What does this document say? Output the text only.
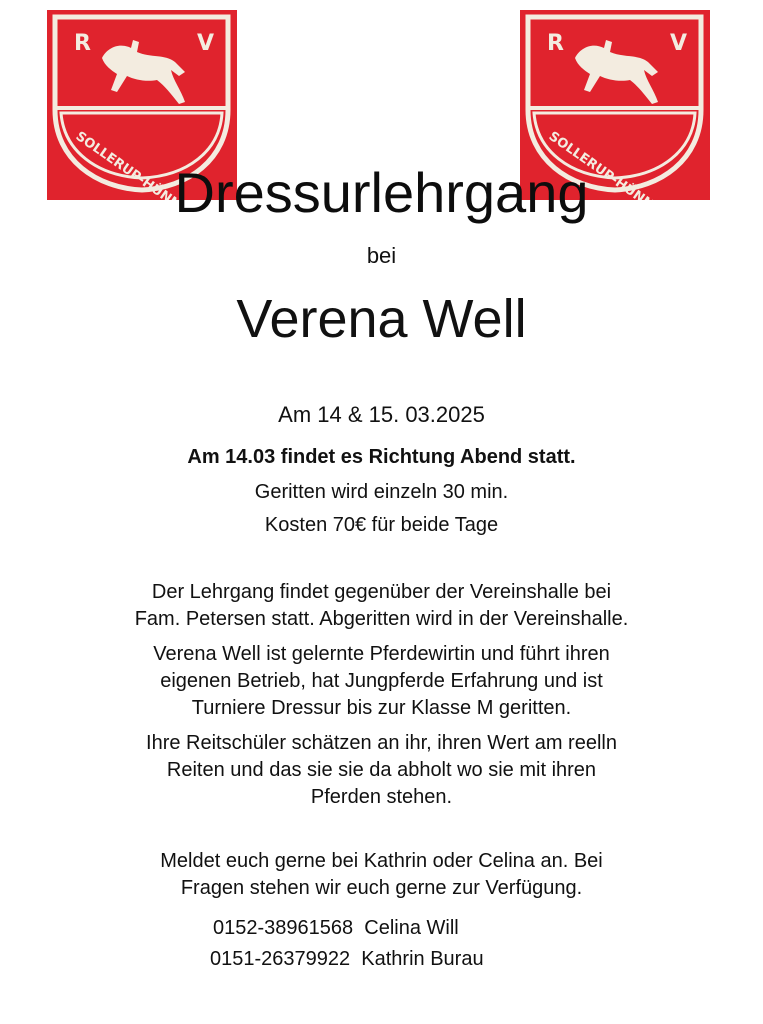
R	V	R	V
Dressurlehrgang
bei
Verena Well
Am 14 & 15. 03.2025
Am 14.03 findet es Richtung Abend statt.
Geritten wird einzeln 30 min.
Kosten 70€ für beide Tage
Der Lehrgang findet gegenüber der Vereinshalle bei
Fam. Petersen statt. Abgeritten wird in der Vereinshalle.
Verena Well ist gelernte Pferdewirtin und führt ihren
eigenen Betrieb, hat Jungpferde Erfahrung und ist
Turniere Dressur bis zur Klasse M geritten.
Ihre Reitschüler schätzen an ihr, ihren Wert am reelln
Reiten und das sie sie da abholt wo sie mit ihren
Pferden stehen.
Meldet euch gerne bei Kathrin oder Celina an. Bei
Fragen stehen wir euch gerne zur Verfügung.
0152-38961568 Celina Will
0151-26379922 Kathrin Burau
